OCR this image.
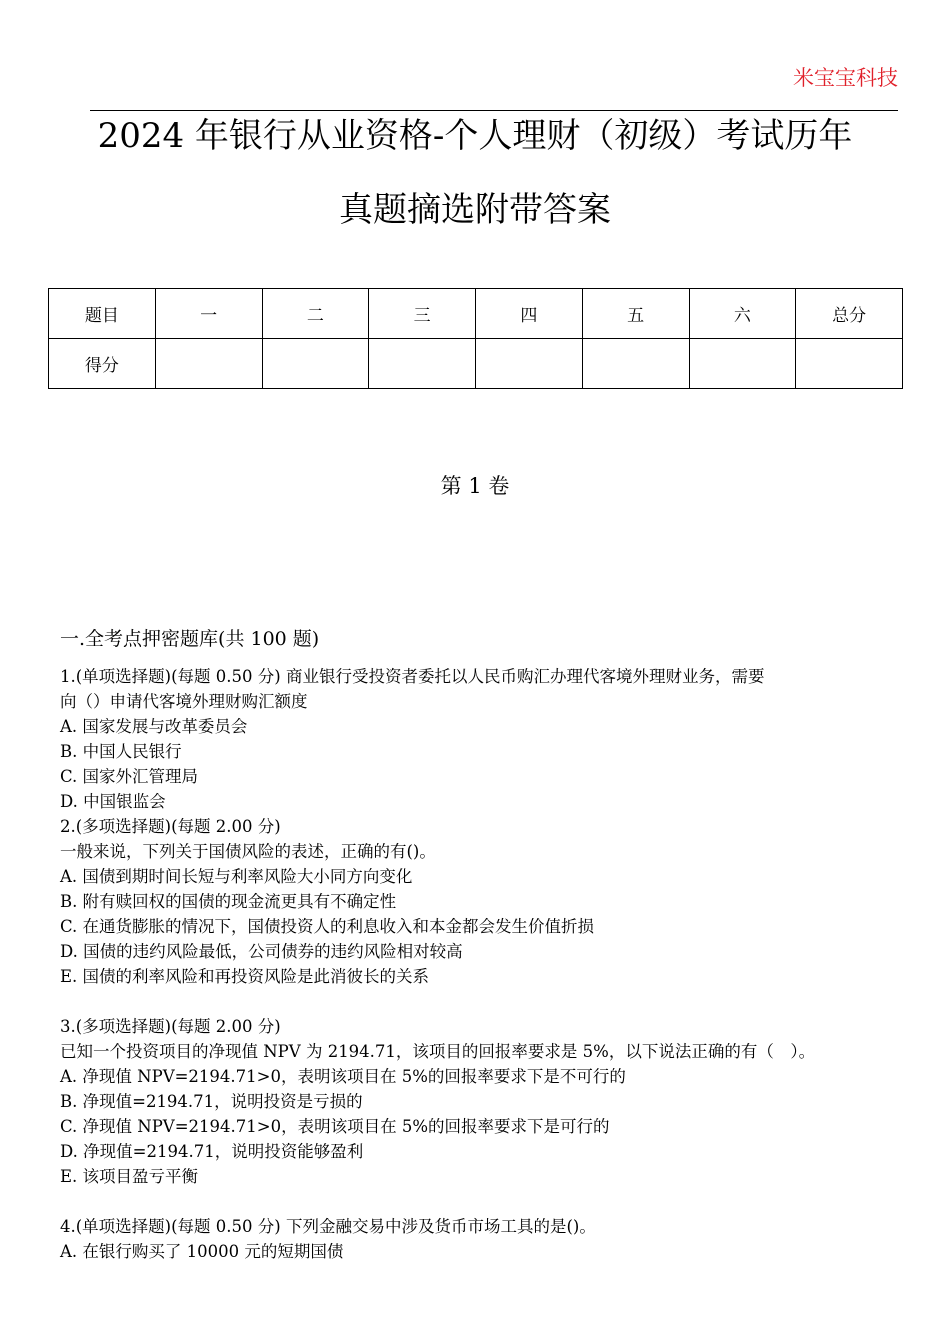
米宝宝科技
2024 年银行从业资格-个人理财（初级）考试历年
真题摘选附带答案
题目	一	二	三	四	五	六	总分
得分							
第 1 卷
一.全考点押密题库(共 100 题)
1.(单项选择题)(每题 0.50 分) 商业银行受投资者委托以人民币购汇办理代客境外理财业务，需要
向（）申请代客境外理财购汇额度
A. 国家发展与改革委员会
B. 中国人民银行
C. 国家外汇管理局
D. 中国银监会
2.(多项选择题)(每题 2.00 分)
一般来说，下列关于国债风险的表述，正确的有()。
A. 国债到期时间长短与利率风险大小同方向变化
B. 附有赎回权的国债的现金流更具有不确定性
C. 在通货膨胀的情况下，国债投资人的利息收入和本金都会发生价值折损
D. 国债的违约风险最低，公司债券的违约风险相对较高
E. 国债的利率风险和再投资风险是此消彼长的关系
3.(多项选择题)(每题 2.00 分)
已知一个投资项目的净现值 NPV 为 2194.71，该项目的回报率要求是 5%，以下说法正确的有（　）。
A. 净现值 NPV=2194.71>0，表明该项目在 5%的回报率要求下是不可行的
B. 净现值=2194.71，说明投资是亏损的
C. 净现值 NPV=2194.71>0，表明该项目在 5%的回报率要求下是可行的
D. 净现值=2194.71，说明投资能够盈利
E. 该项目盈亏平衡
4.(单项选择题)(每题 0.50 分) 下列金融交易中涉及货币市场工具的是()。
A. 在银行购买了 10000 元的短期国债
